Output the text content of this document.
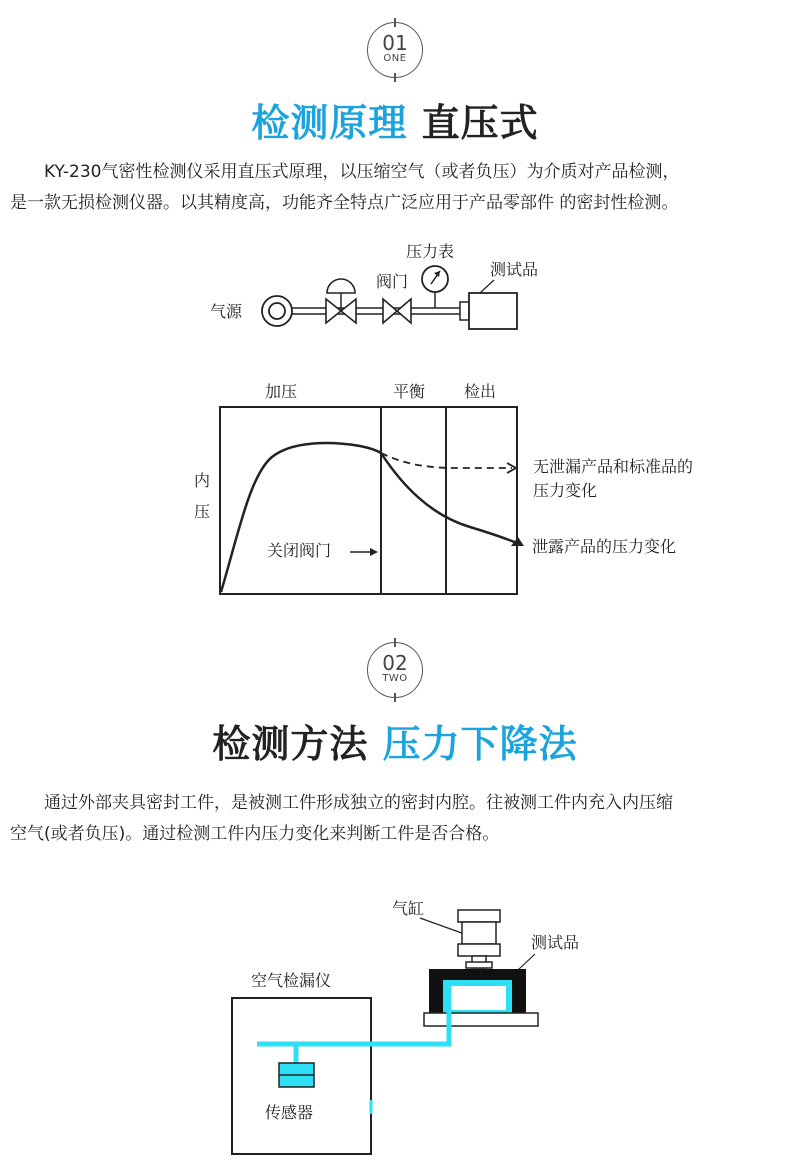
01
ONE
检测原理 直压式

KY-230气密性检测仪采用直压式原理，以压缩空气（或者负压）为介质对产品检测，

是一款无损检测仪器。以其精度高，功能齐全特点广泛应用于产品零部件 的密封性检测。

气源
阀门
压力表
测试品
加压	平衡 检出
内
压
关闭阀门
无泄漏产品和标准品的
压力变化
泄露产品的压力变化
02
TWO
检测方法 压力下降法

通过外部夹具密封工件，是被测工件形成独立的密封内腔。往被测工件内充入内压缩

空气(或者负压)。通过检测工件内压力变化来判断工件是否合格。

气缸
测试品
空气检漏仪
传感器
